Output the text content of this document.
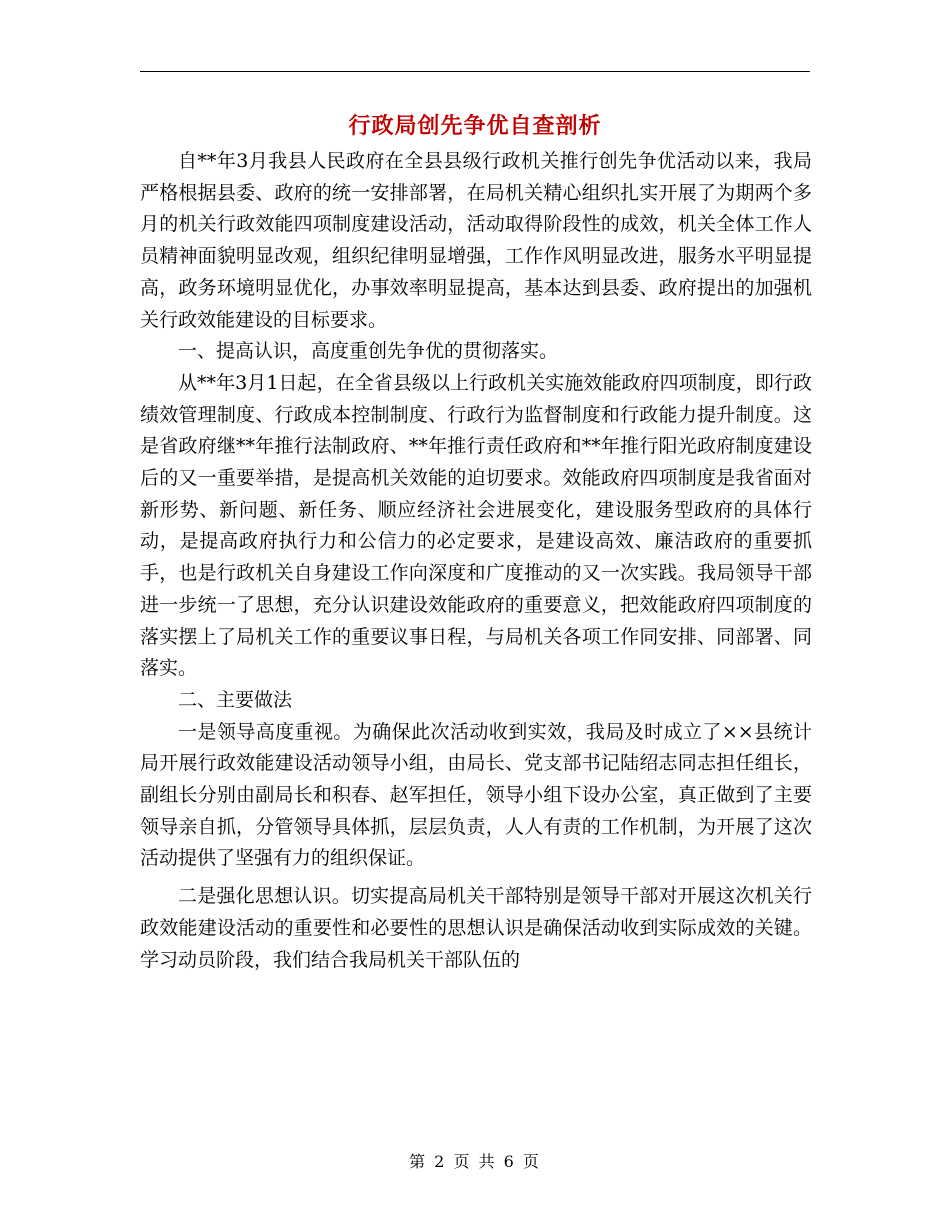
行政局创先争优自查剖析

自**年3月我县人民政府在全县县级行政机关推行创先争优活动以来，我局严格根据县委、政府的统一安排部署，在局机关精心组织扎实开展了为期两个多月的机关行政效能四项制度建设活动，活动取得阶段性的成效，机关全体工作人员精神面貌明显改观，组织纪律明显增强，工作作风明显改进，服务水平明显提高，政务环境明显优化，办事效率明显提高，基本达到县委、政府提出的加强机关行政效能建设的目标要求。

一、提高认识，高度重创先争优的贯彻落实。

从**年3月1日起，在全省县级以上行政机关实施效能政府四项制度，即行政绩效管理制度、行政成本控制制度、行政行为监督制度和行政能力提升制度。这是省政府继**年推行法制政府、**年推行责任政府和**年推行阳光政府制度建设后的又一重要举措，是提高机关效能的迫切要求。效能政府四项制度是我省面对新形势、新问题、新任务、顺应经济社会进展变化，建设服务型政府的具体行动，是提高政府执行力和公信力的必定要求，是建设高效、廉洁政府的重要抓手，也是行政机关自身建设工作向深度和广度推动的又一次实践。我局领导干部进一步统一了思想，充分认识建设效能政府的重要意义，把效能政府四项制度的落实摆上了局机关工作的重要议事日程，与局机关各项工作同安排、同部署、同落实。

二、主要做法

一是领导高度重视。为确保此次活动收到实效，我局及时成立了××县统计局开展行政效能建设活动领导小组，由局长、党支部书记陆绍志同志担任组长，副组长分别由副局长和积春、赵军担任，领导小组下设办公室，真正做到了主要领导亲自抓，分管领导具体抓，层层负责，人人有责的工作机制，为开展了这次活动提供了坚强有力的组织保证。

二是强化思想认识。切实提高局机关干部特别是领导干部对开展这次机关行政效能建设活动的重要性和必要性的思想认识是确保活动收到实际成效的关键。学习动员阶段，我们结合我局机关干部队伍的

第 2 页 共 6 页
